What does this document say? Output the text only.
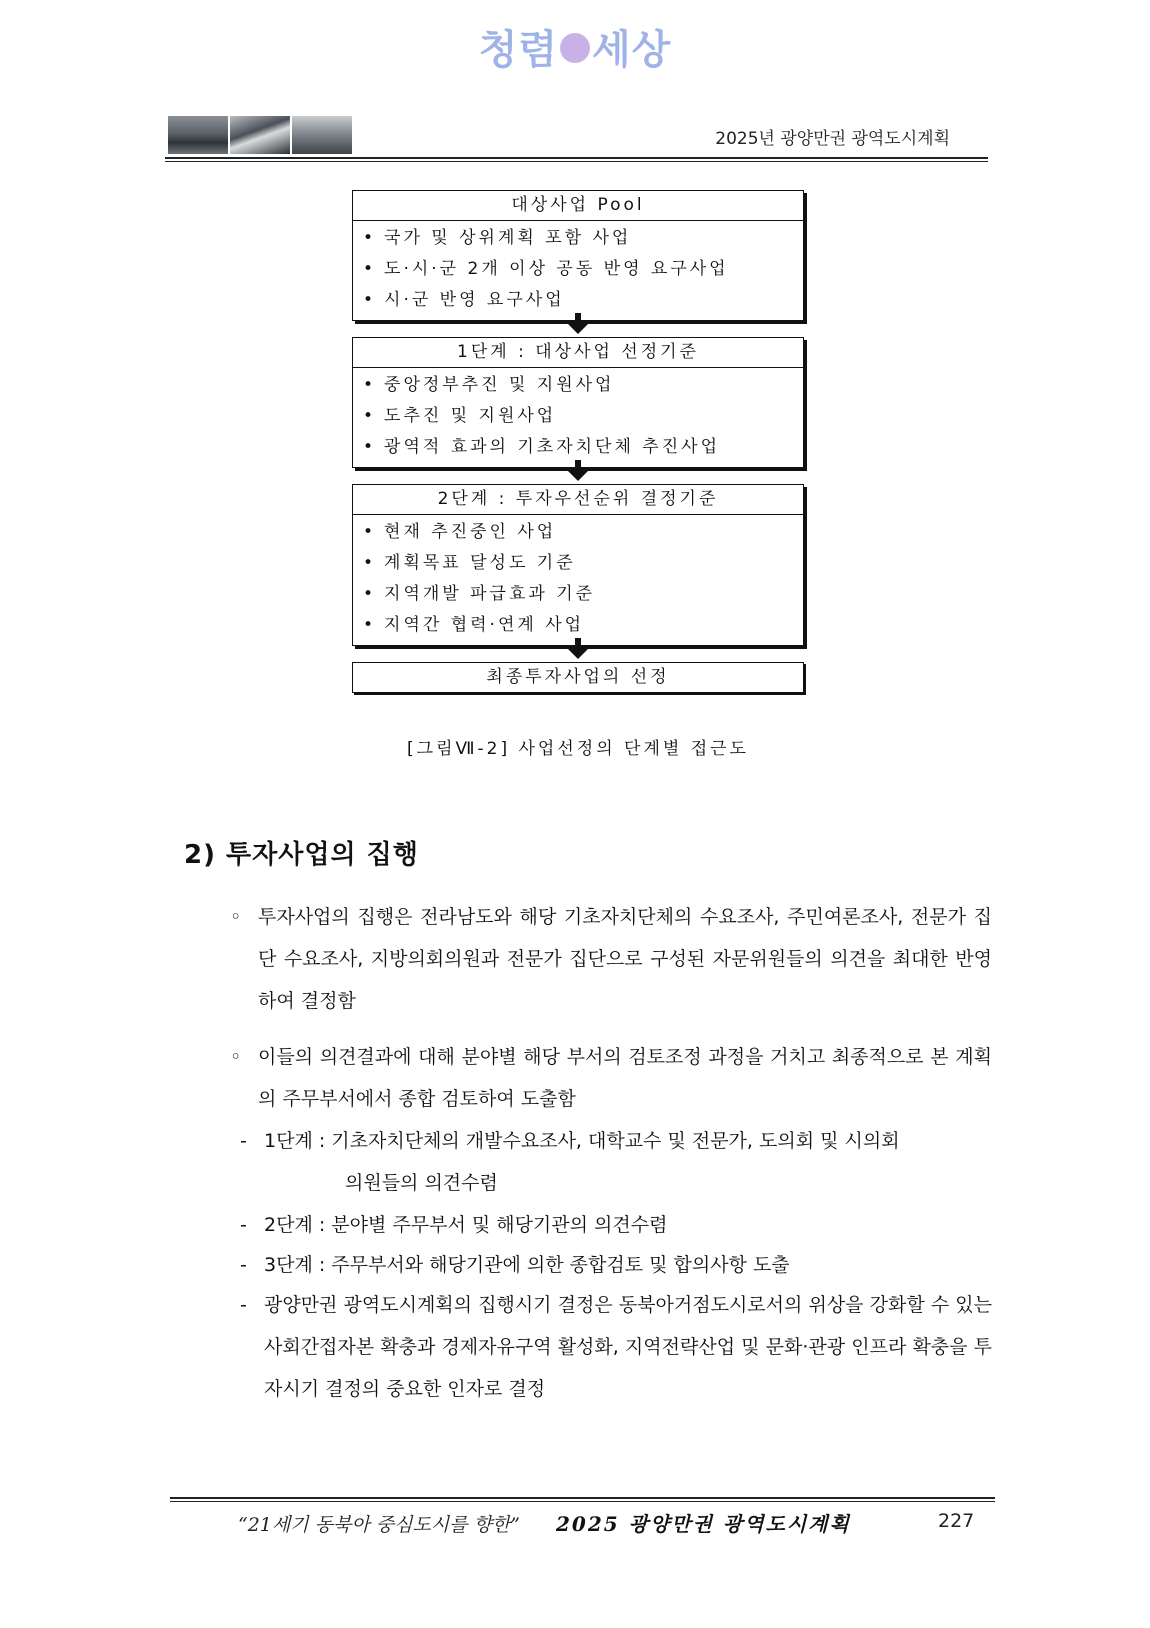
청렴 세상
2025년 광양만권 광역도시계획
대상사업 Pool
• 국가 및 상위계획 포함 사업
• 도·시·군 2개 이상 공동 반영 요구사업
• 시·군 반영 요구사업
1단계 : 대상사업 선정기준
• 중앙정부추진 및 지원사업
• 도추진 및 지원사업
• 광역적 효과의 기초자치단체 추진사업
2단계 : 투자우선순위 결정기준
• 현재 추진중인 사업
• 계획목표 달성도 기준
• 지역개발 파급효과 기준
• 지역간 협력·연계 사업
최종투자사업의 선정
[그림Ⅶ-2] 사업선정의 단계별 접근도
2) 투자사업의 집행
◦ 투자사업의 집행은 전라남도와 해당 기초자치단체의 수요조사, 주민여론조사, 전문가 집단 수요조사, 지방의회의원과 전문가 집단으로 구성된 자문위원들의 의견을 최대한 반영하여 결정함
◦ 이들의 의견결과에 대해 분야별 해당 부서의 검토조정 과정을 거치고 최종적으로 본 계획의 주무부서에서 종합 검토하여 도출함
- 1단계 : 기초자치단체의 개발수요조사, 대학교수 및 전문가, 도의회 및 시의회
의원들의 의견수렴
- 2단계 : 분야별 주무부서 및 해당기관의 의견수렴
- 3단계 : 주무부서와 해당기관에 의한 종합검토 및 합의사항 도출
- 광양만권 광역도시계획의 집행시기 결정은 동북아거점도시로서의 위상을 강화할 수 있는 사회간접자본 확충과 경제자유구역 활성화, 지역전략산업 및 문화·관광 인프라 확충을 투자시기 결정의 중요한 인자로 결정
“21세기 동북아 중심도시를 향한” 2025 광양만권 광역도시계획	227
